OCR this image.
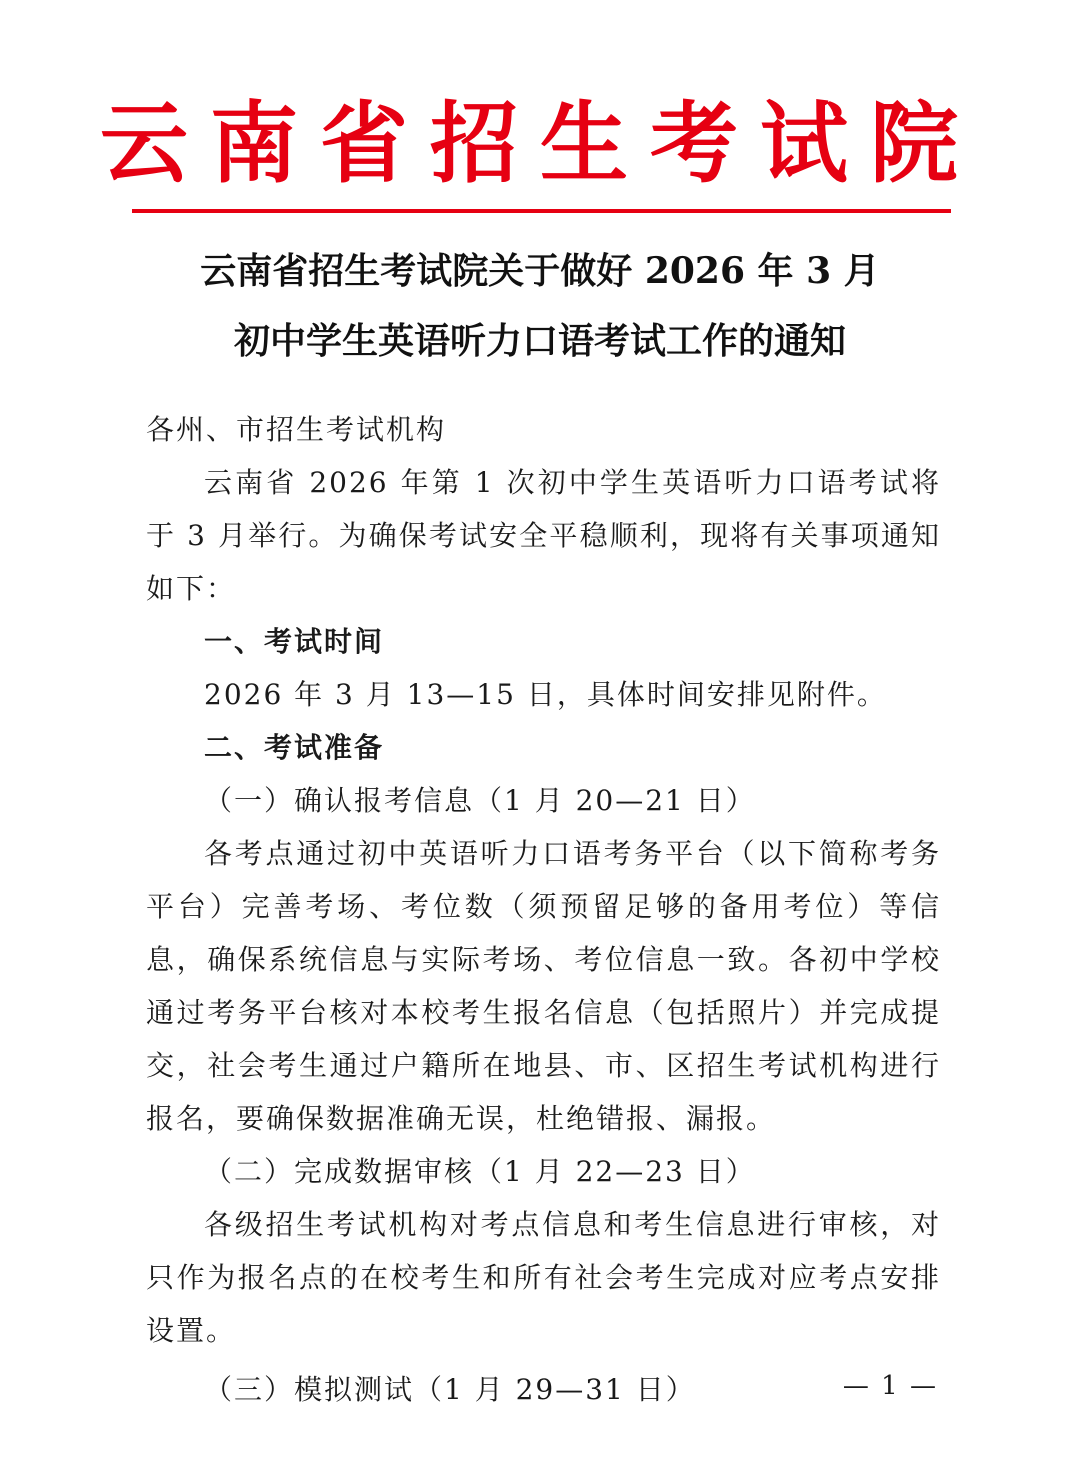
云南省招生考试院
云南省招生考试院关于做好 2026 年 3 月
初中学生英语听力口语考试工作的通知

各州、市招生考试机构

云南省 2026 年第 1 次初中学生英语听力口语考试将于 3 月举行。为确保考试安全平稳顺利，现将有关事项通知如下：

一、考试时间

2026 年 3 月 13—15 日，具体时间安排见附件。

二、考试准备

（一）确认报考信息（1 月 20—21 日）

各考点通过初中英语听力口语考务平台（以下简称考务平台）完善考场、考位数（须预留足够的备用考位）等信息，确保系统信息与实际考场、考位信息一致。各初中学校通过考务平台核对本校考生报名信息（包括照片）并完成提交，社会考生通过户籍所在地县、市、区招生考试机构进行报名，要确保数据准确无误，杜绝错报、漏报。

（二）完成数据审核（1 月 22—23 日）

各级招生考试机构对考点信息和考生信息进行审核，对只作为报名点的在校考生和所有社会考生完成对应考点安排设置。

（三）模拟测试（1 月 29—31 日）	— 1 —
